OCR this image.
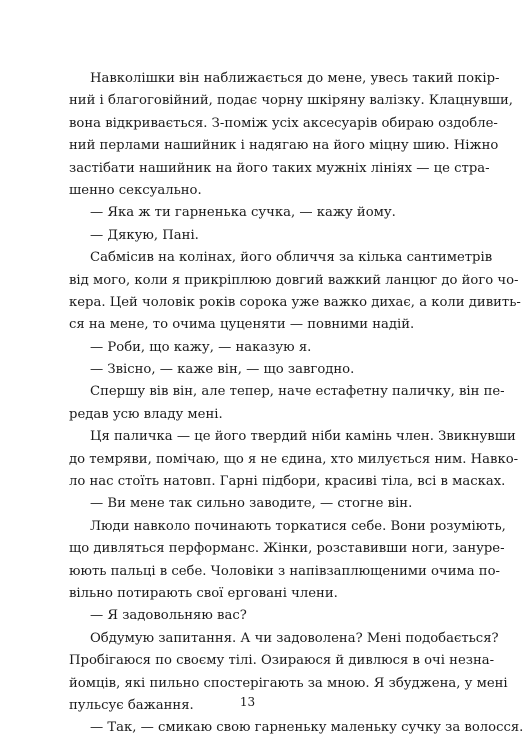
Навколішки він наближається до мене, увесь такий покір-
ний і благоговійний, подає чорну шкіряну валізку. Клацнувши,
вона відкривається. З-поміж усіх аксесуарів обираю оздобле-
ний перлами нашийник і надягаю на його міцну шию. Ніжно
застібати нашийник на його таких мужніх лініях — це стра-
шенно сексуально.
— Яка ж ти гарненька сучка, — кажу йому.
— Дякую, Пані.
Сабмісив на колінах, його обличчя за кілька сантиметрів
від мого, коли я прикріплюю довгий важкий ланцюг до його чо-
кера. Цей чоловік років сорока уже важко дихає, а коли дивить-
ся на мене, то очима цуценяти — повними надій.
— Роби, що кажу, — наказую я.
— Звісно, — каже він, — що завгодно.
Спершу вів він, але тепер, наче естафетну паличку, він пе-
редав усю владу мені.
Ця паличка — це його твердий ніби камінь член. Звикнувши
до темряви, помічаю, що я не єдина, хто милується ним. Навко-
ло нас стоїть натовп. Гарні підбори, красиві тіла, всі в масках.
— Ви мене так сильно заводите, — стогне він.
Люди навколо починають торкатися себе. Вони розуміють,
що дивляться перформанс. Жінки, розставивши ноги, зануре-
юють пальці в себе. Чоловіки з напівзаплющеними очима по-
вільно потирають свої ерговані члени.
— Я задовольняю вас?
Обдумую запитання. А чи задоволена? Мені подобається?
Пробігаюся по своєму тілі. Озираюся й дивлюся в очі незна-
йомців, які пильно спостерігають за мною. Я збуджена, у мені
пульсує бажання.
— Так, — смикаю свою гарненьку маленьку сучку за волосся.
13
